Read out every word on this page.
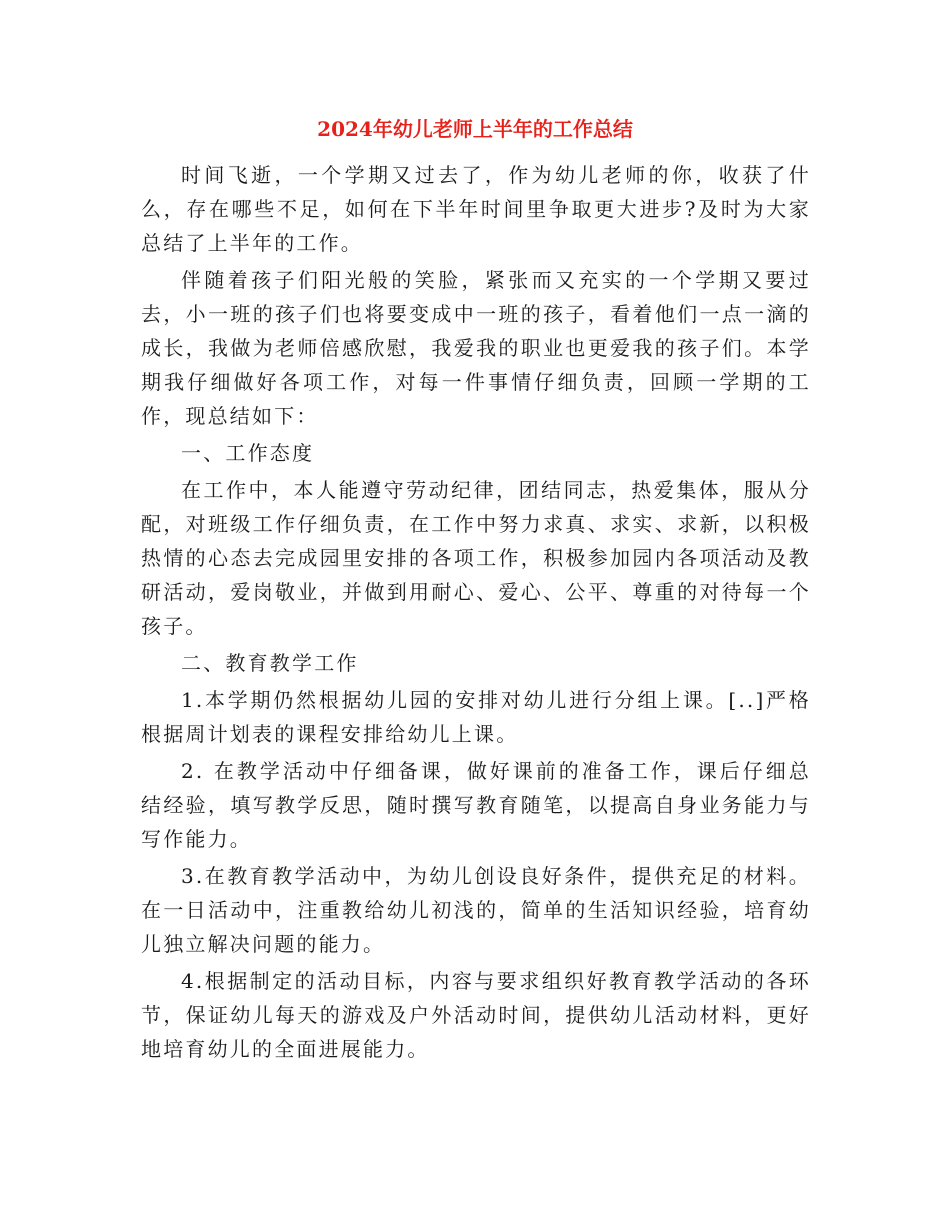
2024年幼儿老师上半年的工作总结

时间飞逝，一个学期又过去了，作为幼儿老师的你，收获了什么，存在哪些不足，如何在下半年时间里争取更大进步?及时为大家总结了上半年的工作。

伴随着孩子们阳光般的笑脸，紧张而又充实的一个学期又要过去，小一班的孩子们也将要变成中一班的孩子，看着他们一点一滴的成长，我做为老师倍感欣慰，我爱我的职业也更爱我的孩子们。本学期我仔细做好各项工作，对每一件事情仔细负责，回顾一学期的工作，现总结如下：

一、工作态度

在工作中，本人能遵守劳动纪律，团结同志，热爱集体，服从分配，对班级工作仔细负责，在工作中努力求真、求实、求新，以积极热情的心态去完成园里安排的各项工作，积极参加园内各项活动及教研活动，爱岗敬业，并做到用耐心、爱心、公平、尊重的对待每一个孩子。

二、教育教学工作

1.本学期仍然根据幼儿园的安排对幼儿进行分组上课。[..]严格根据周计划表的课程安排给幼儿上课。

2. 在教学活动中仔细备课，做好课前的准备工作，课后仔细总结经验，填写教学反思，随时撰写教育随笔，以提高自身业务能力与写作能力。

3.在教育教学活动中，为幼儿创设良好条件，提供充足的材料。在一日活动中，注重教给幼儿初浅的，简单的生活知识经验，培育幼儿独立解决问题的能力。

4.根据制定的活动目标，内容与要求组织好教育教学活动的各环节，保证幼儿每天的游戏及户外活动时间，提供幼儿活动材料，更好地培育幼儿的全面进展能力。
